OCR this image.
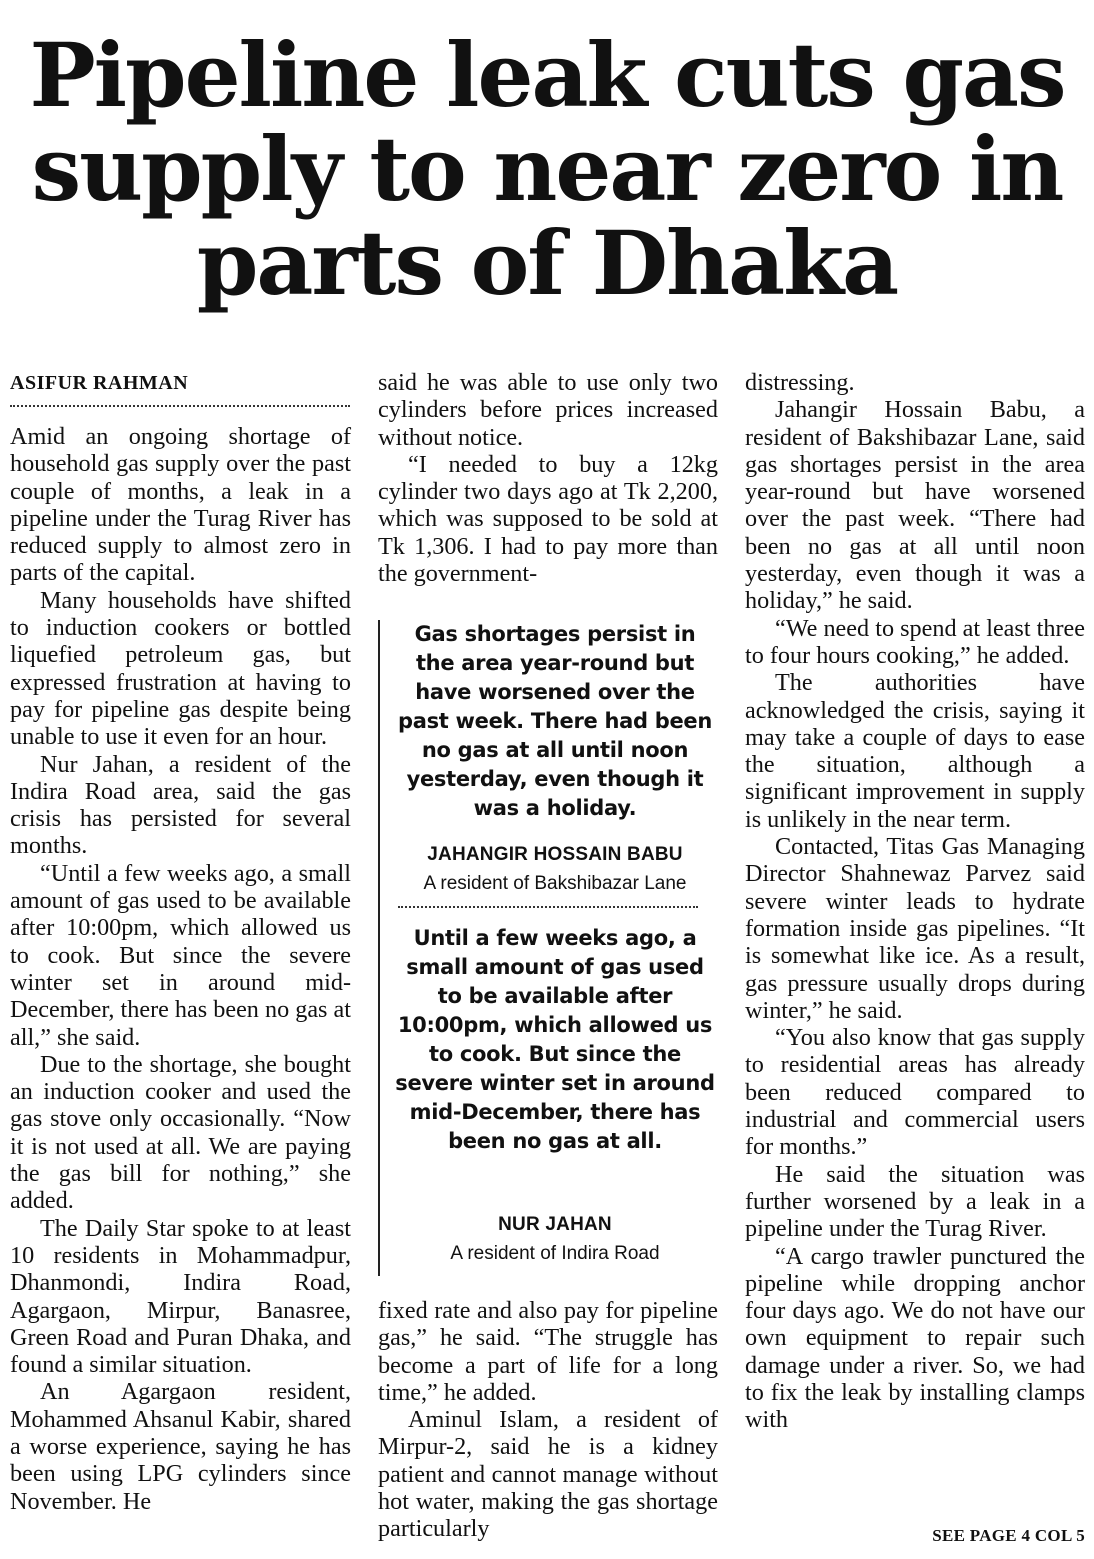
Pipeline leak cuts gas supply to near zero in parts of Dhaka
ASIFUR RAHMAN

Amid an ongoing shortage of household gas supply over the past couple of months, a leak in a pipeline under the Turag River has reduced supply to almost zero in parts of the capital.

Many households have shifted to induction cookers or bottled liquefied petroleum gas, but expressed frustration at having to pay for pipeline gas despite being unable to use it even for an hour.

Nur Jahan, a resident of the Indira Road area, said the gas crisis has persisted for several months.

“Until a few weeks ago, a small amount of gas used to be available after 10:00pm, which allowed us to cook. But since the severe winter set in around mid-December, there has been no gas at all,” she said.

Due to the shortage, she bought an induction cooker and used the gas stove only occasionally. “Now it is not used at all. We are paying the gas bill for nothing,” she added.

The Daily Star spoke to at least 10 residents in Mohammadpur, Dhanmondi, Indira Road, Agargaon, Mirpur, Banasree, Green Road and Puran Dhaka, and found a similar situation.

An Agargaon resident, Mohammed Ahsanul Kabir, shared a worse experience, saying he has been using LPG cylinders since November. He

said he was able to use only two cylinders before prices increased without notice.

“I needed to buy a 12kg cylinder two days ago at Tk 2,200, which was supposed to be sold at Tk 1,306. I had to pay more than the government-

Gas shortages persist in the area year-round but have worsened over the past week. There had been no gas at all until noon yesterday, even though it was a holiday.
JAHANGIR HOSSAIN BABU
A resident of Bakshibazar Lane
Until a few weeks ago, a small amount of gas used to be available after 10:00pm, which allowed us to cook. But since the severe winter set in around mid-December, there has been no gas at all.
NUR JAHAN
A resident of Indira Road

fixed rate and also pay for pipeline gas,” he said. “The struggle has become a part of life for a long time,” he added.

Aminul Islam, a resident of Mirpur-2, said he is a kidney patient and cannot manage without hot water, making the gas shortage particularly

distressing.

Jahangir Hossain Babu, a resident of Bakshibazar Lane, said gas shortages persist in the area year-round but have worsened over the past week. “There had been no gas at all until noon yesterday, even though it was a holiday,” he said.

“We need to spend at least three to four hours cooking,” he added.

The authorities have acknowledged the crisis, saying it may take a couple of days to ease the situation, although a significant improvement in supply is unlikely in the near term.

Contacted, Titas Gas Managing Director Shahnewaz Parvez said severe winter leads to hydrate formation inside gas pipelines. “It is somewhat like ice. As a result, gas pressure usually drops during winter,” he said.

“You also know that gas supply to residential areas has already been reduced compared to industrial and commercial users for months.”

He said the situation was further worsened by a leak in a pipeline under the Turag River.

“A cargo trawler punctured the pipeline while dropping anchor four days ago. We do not have our own equipment to repair such damage under a river. So, we had to fix the leak by installing clamps with

SEE PAGE 4 COL 5
